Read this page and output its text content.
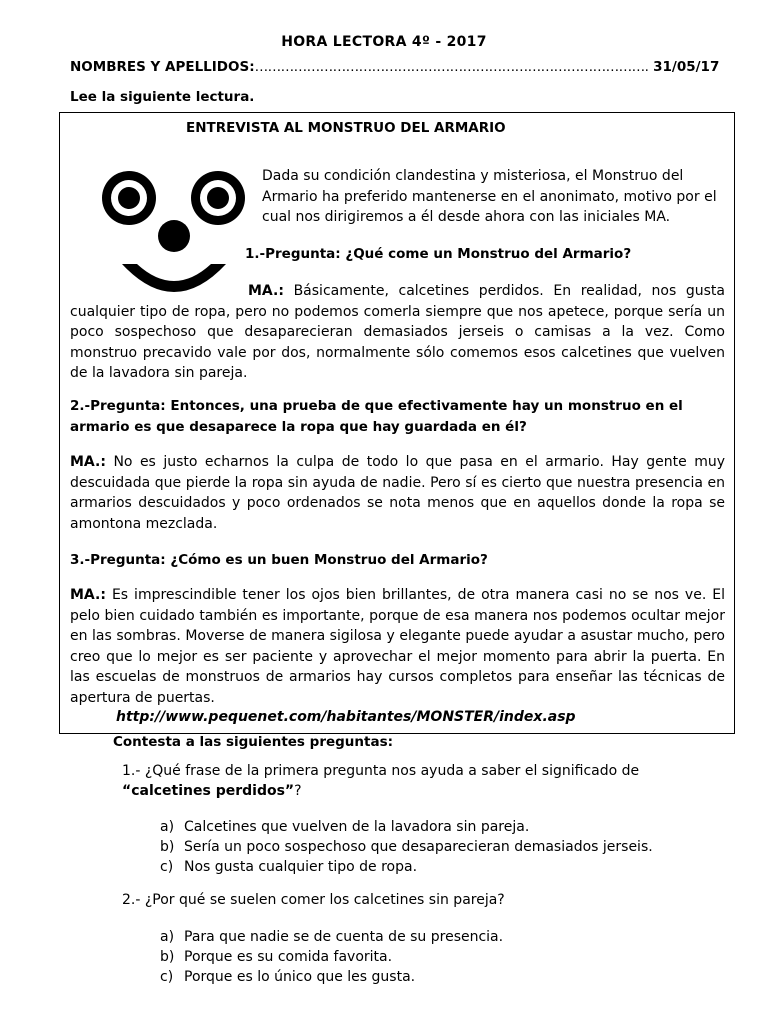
HORA LECTORA 4º - 2017
NOMBRES Y APELLIDOS:………………………………………………………………………………. 31/05/17
Lee la siguiente lectura.
ENTREVISTA AL MONSTRUO DEL ARMARIO
Dada su condición clandestina y misteriosa, el Monstruo del Armario ha preferido mantenerse en el anonimato, motivo por el cual nos dirigiremos a él desde ahora con las iniciales MA.
1.-Pregunta: ¿Qué come un Monstruo del Armario?
MA.: Básicamente, calcetines perdidos. En realidad, nos gusta cualquier tipo de ropa, pero no podemos comerla siempre que nos apetece, porque sería un poco sospechoso que desaparecieran demasiados jerseis o camisas a la vez. Como monstruo precavido vale por dos, normalmente sólo comemos esos calcetines que vuelven de la lavadora sin pareja.
2.-Pregunta: Entonces, una prueba de que efectivamente hay un monstruo en el armario es que desaparece la ropa que hay guardada en él?
MA.: No es justo echarnos la culpa de todo lo que pasa en el armario. Hay gente muy descuidada que pierde la ropa sin ayuda de nadie. Pero sí es cierto que nuestra presencia en armarios descuidados y poco ordenados se nota menos que en aquellos donde la ropa se amontona mezclada.
3.-Pregunta: ¿Cómo es un buen Monstruo del Armario?
MA.: Es imprescindible tener los ojos bien brillantes, de otra manera casi no se nos ve. El pelo bien cuidado también es importante, porque de esa manera nos podemos ocultar mejor en las sombras. Moverse de manera sigilosa y elegante puede ayudar a asustar mucho, pero creo que lo mejor es ser paciente y aprovechar el mejor momento para abrir la puerta. En las escuelas de monstruos de armarios hay cursos completos para enseñar las técnicas de apertura de puertas.
http://www.pequenet.com/habitantes/MONSTER/index.asp
Contesta a las siguientes preguntas:
1.- ¿Qué frase de la primera pregunta nos ayuda a saber el significado de
“calcetines perdidos”?
a) Calcetines que vuelven de la lavadora sin pareja.
b) Sería un poco sospechoso que desaparecieran demasiados jerseis.
c) Nos gusta cualquier tipo de ropa.
2.- ¿Por qué se suelen comer los calcetines sin pareja?
a) Para que nadie se de cuenta de su presencia.
b) Porque es su comida favorita.
c) Porque es lo único que les gusta.
